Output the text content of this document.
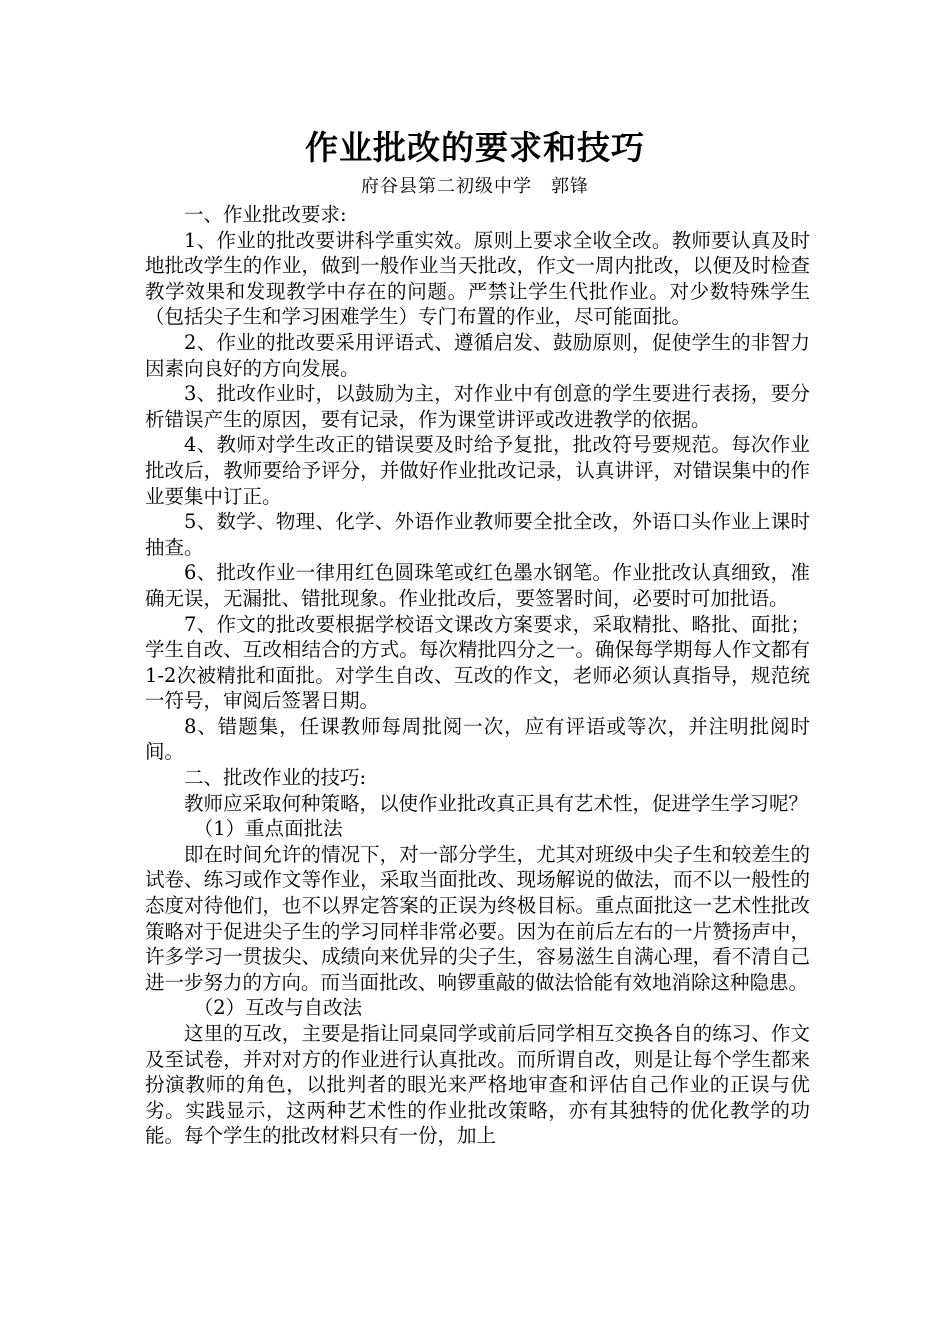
作业批改的要求和技巧
府谷县第二初级中学　郭锋

一、作业批改要求:

1、作业的批改要讲科学重实效。原则上要求全收全改。教师要认真及时地批改学生的作业，做到一般作业当天批改，作文一周内批改，以便及时检查教学效果和发现教学中存在的问题。严禁让学生代批作业。对少数特殊学生（包括尖子生和学习困难学生）专门布置的作业，尽可能面批。

2、作业的批改要采用评语式、遵循启发、鼓励原则，促使学生的非智力因素向良好的方向发展。

3、批改作业时，以鼓励为主，对作业中有创意的学生要进行表扬，要分析错误产生的原因，要有记录，作为课堂讲评或改进教学的依据。

4、教师对学生改正的错误要及时给予复批，批改符号要规范。每次作业批改后，教师要给予评分，并做好作业批改记录，认真讲评，对错误集中的作业要集中订正。

5、数学、物理、化学、外语作业教师要全批全改，外语口头作业上课时抽查。

6、批改作业一律用红色圆珠笔或红色墨水钢笔。作业批改认真细致，准确无误，无漏批、错批现象。作业批改后，要签署时间，必要时可加批语。

7、作文的批改要根据学校语文课改方案要求，采取精批、略批、面批；学生自改、互改相结合的方式。每次精批四分之一。确保每学期每人作文都有1-2次被精批和面批。对学生自改、互改的作文，老师必须认真指导，规范统一符号，审阅后签署日期。

8、错题集，任课教师每周批阅一次，应有评语或等次，并注明批阅时间。

二、批改作业的技巧:

教师应采取何种策略，以使作业批改真正具有艺术性，促进学生学习呢？

（1）重点面批法

即在时间允许的情况下，对一部分学生，尤其对班级中尖子生和较差生的试卷、练习或作文等作业，采取当面批改、现场解说的做法，而不以一般性的态度对待他们，也不以界定答案的正误为终极目标。重点面批这一艺术性批改策略对于促进尖子生的学习同样非常必要。因为在前后左右的一片赞扬声中，许多学习一贯拔尖、成绩向来优异的尖子生，容易滋生自满心理，看不清自己进一步努力的方向。而当面批改、响锣重敲的做法恰能有效地消除这种隐患。

（2）互改与自改法

这里的互改，主要是指让同桌同学或前后同学相互交换各自的练习、作文及至试卷，并对对方的作业进行认真批改。而所谓自改，则是让每个学生都来扮演教师的角色，以批判者的眼光来严格地审查和评估自己作业的正误与优劣。实践显示，这两种艺术性的作业批改策略，亦有其独特的优化教学的功能。每个学生的批改材料只有一份，加上
